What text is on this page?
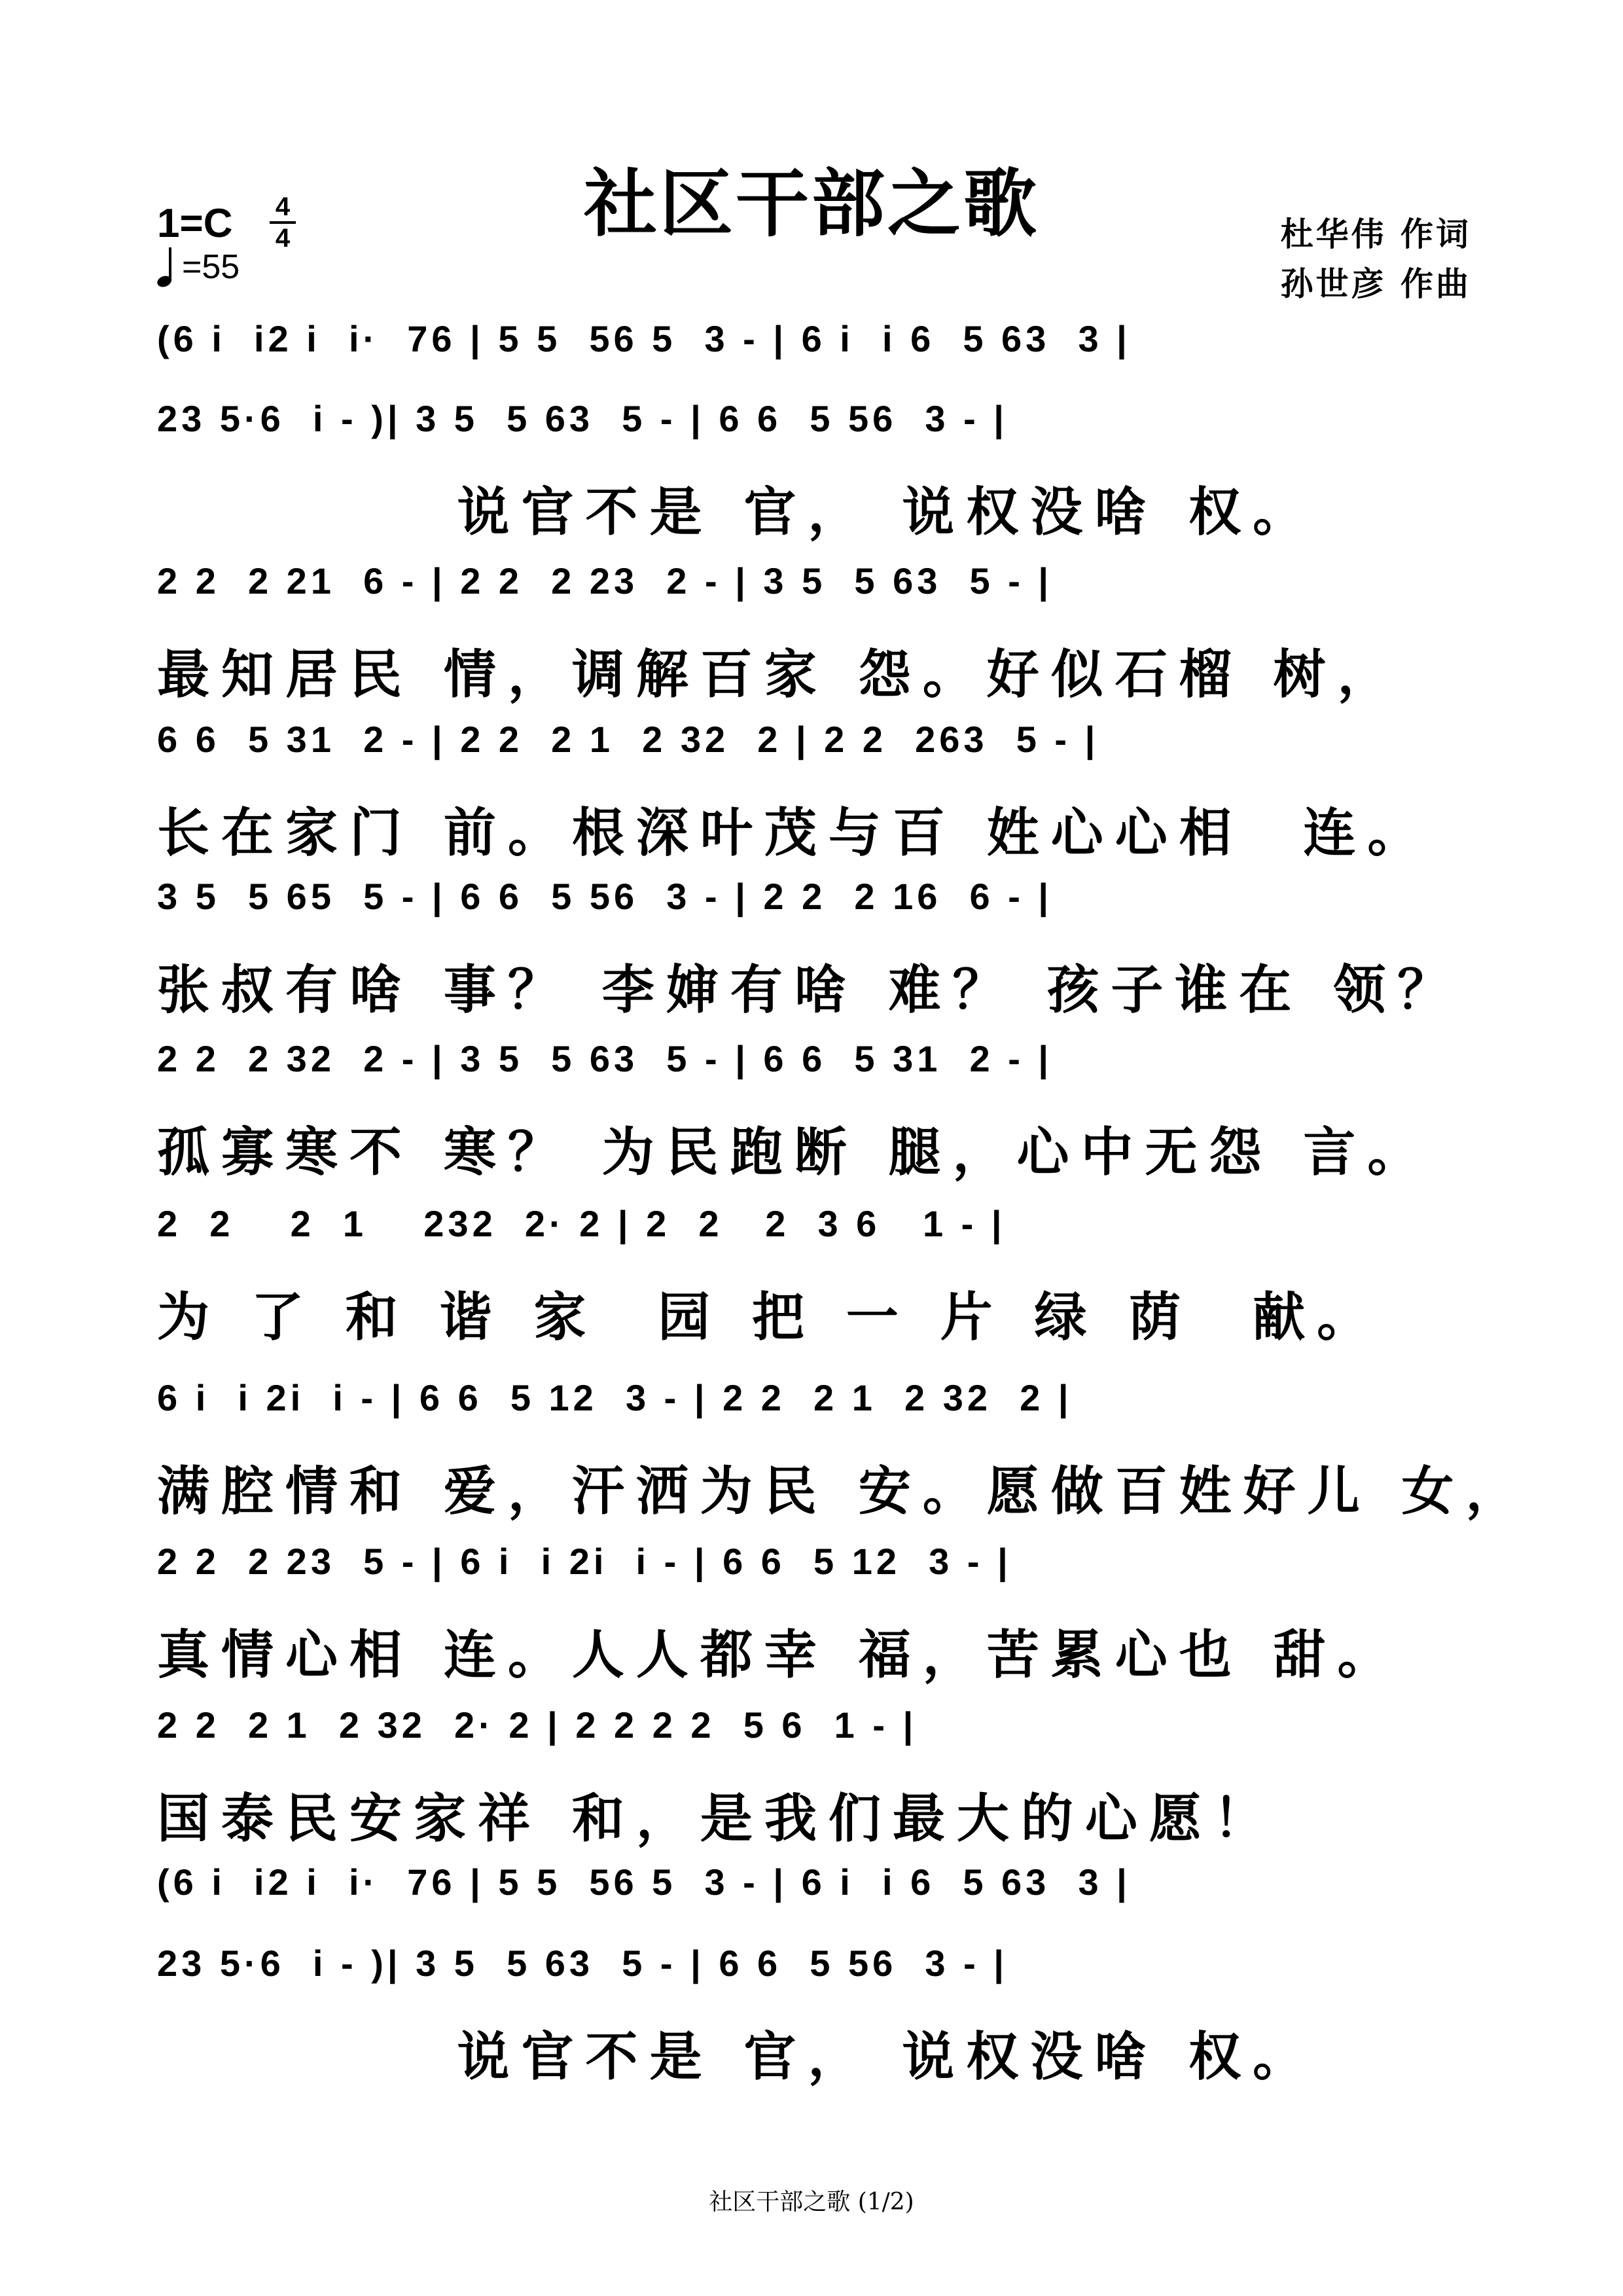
社区干部之歌
1=C 4
4
=55
杜华伟 作词
孙世彦 作曲
(6 i  i2 i  i·  76 | 5 5  56 5  3 - | 6 i  i 6  5 63  3 |
23 5·6  i - )| 3 5  5 63  5 - | 6 6  5 56  3 - |
说官不是 官， 说权没啥 权。
2 2  2 21  6 - | 2 2  2 23  2 - | 3 5  5 63  5 - |
最知居民 情，调解百家 怨。好似石榴 树，
6 6  5 31  2 - | 2 2  2 1  2 32  2 | 2 2  263  5 - |
长在家门 前。根深叶茂与百 姓心心相  连。
3 5  5 65  5 - | 6 6  5 56  3 - | 2 2  2 16  6 - |
张叔有啥 事？ 李婶有啥 难？ 孩子谁在 领？
2 2  2 32  2 - | 3 5  5 63  5 - | 6 6  5 31  2 - |
孤寡寒不 寒？ 为民跑断 腿，心中无怨 言。
2  2    2  1    232  2· 2 | 2  2   2  3 6   1 - |
为 了 和 谐 家  园 把 一 片 绿 荫  献。
6 i  i 2i  i - | 6 6  5 12  3 - | 2 2  2 1  2 32  2 |
满腔情和 爱，汗洒为民 安。愿做百姓好儿 女，
2 2  2 23  5 - | 6 i  i 2i  i - | 6 6  5 12  3 - |
真情心相 连。人人都幸 福，苦累心也 甜。
2 2  2 1  2 32  2· 2 | 2 2 2 2  5 6  1 - |
国泰民安家祥 和，是我们最大的心愿！
(6 i  i2 i  i·  76 | 5 5  56 5  3 - | 6 i  i 6  5 63  3 |
23 5·6  i - )| 3 5  5 63  5 - | 6 6  5 56  3 - |
说官不是 官， 说权没啥 权。
社区干部之歌 (1/2)
